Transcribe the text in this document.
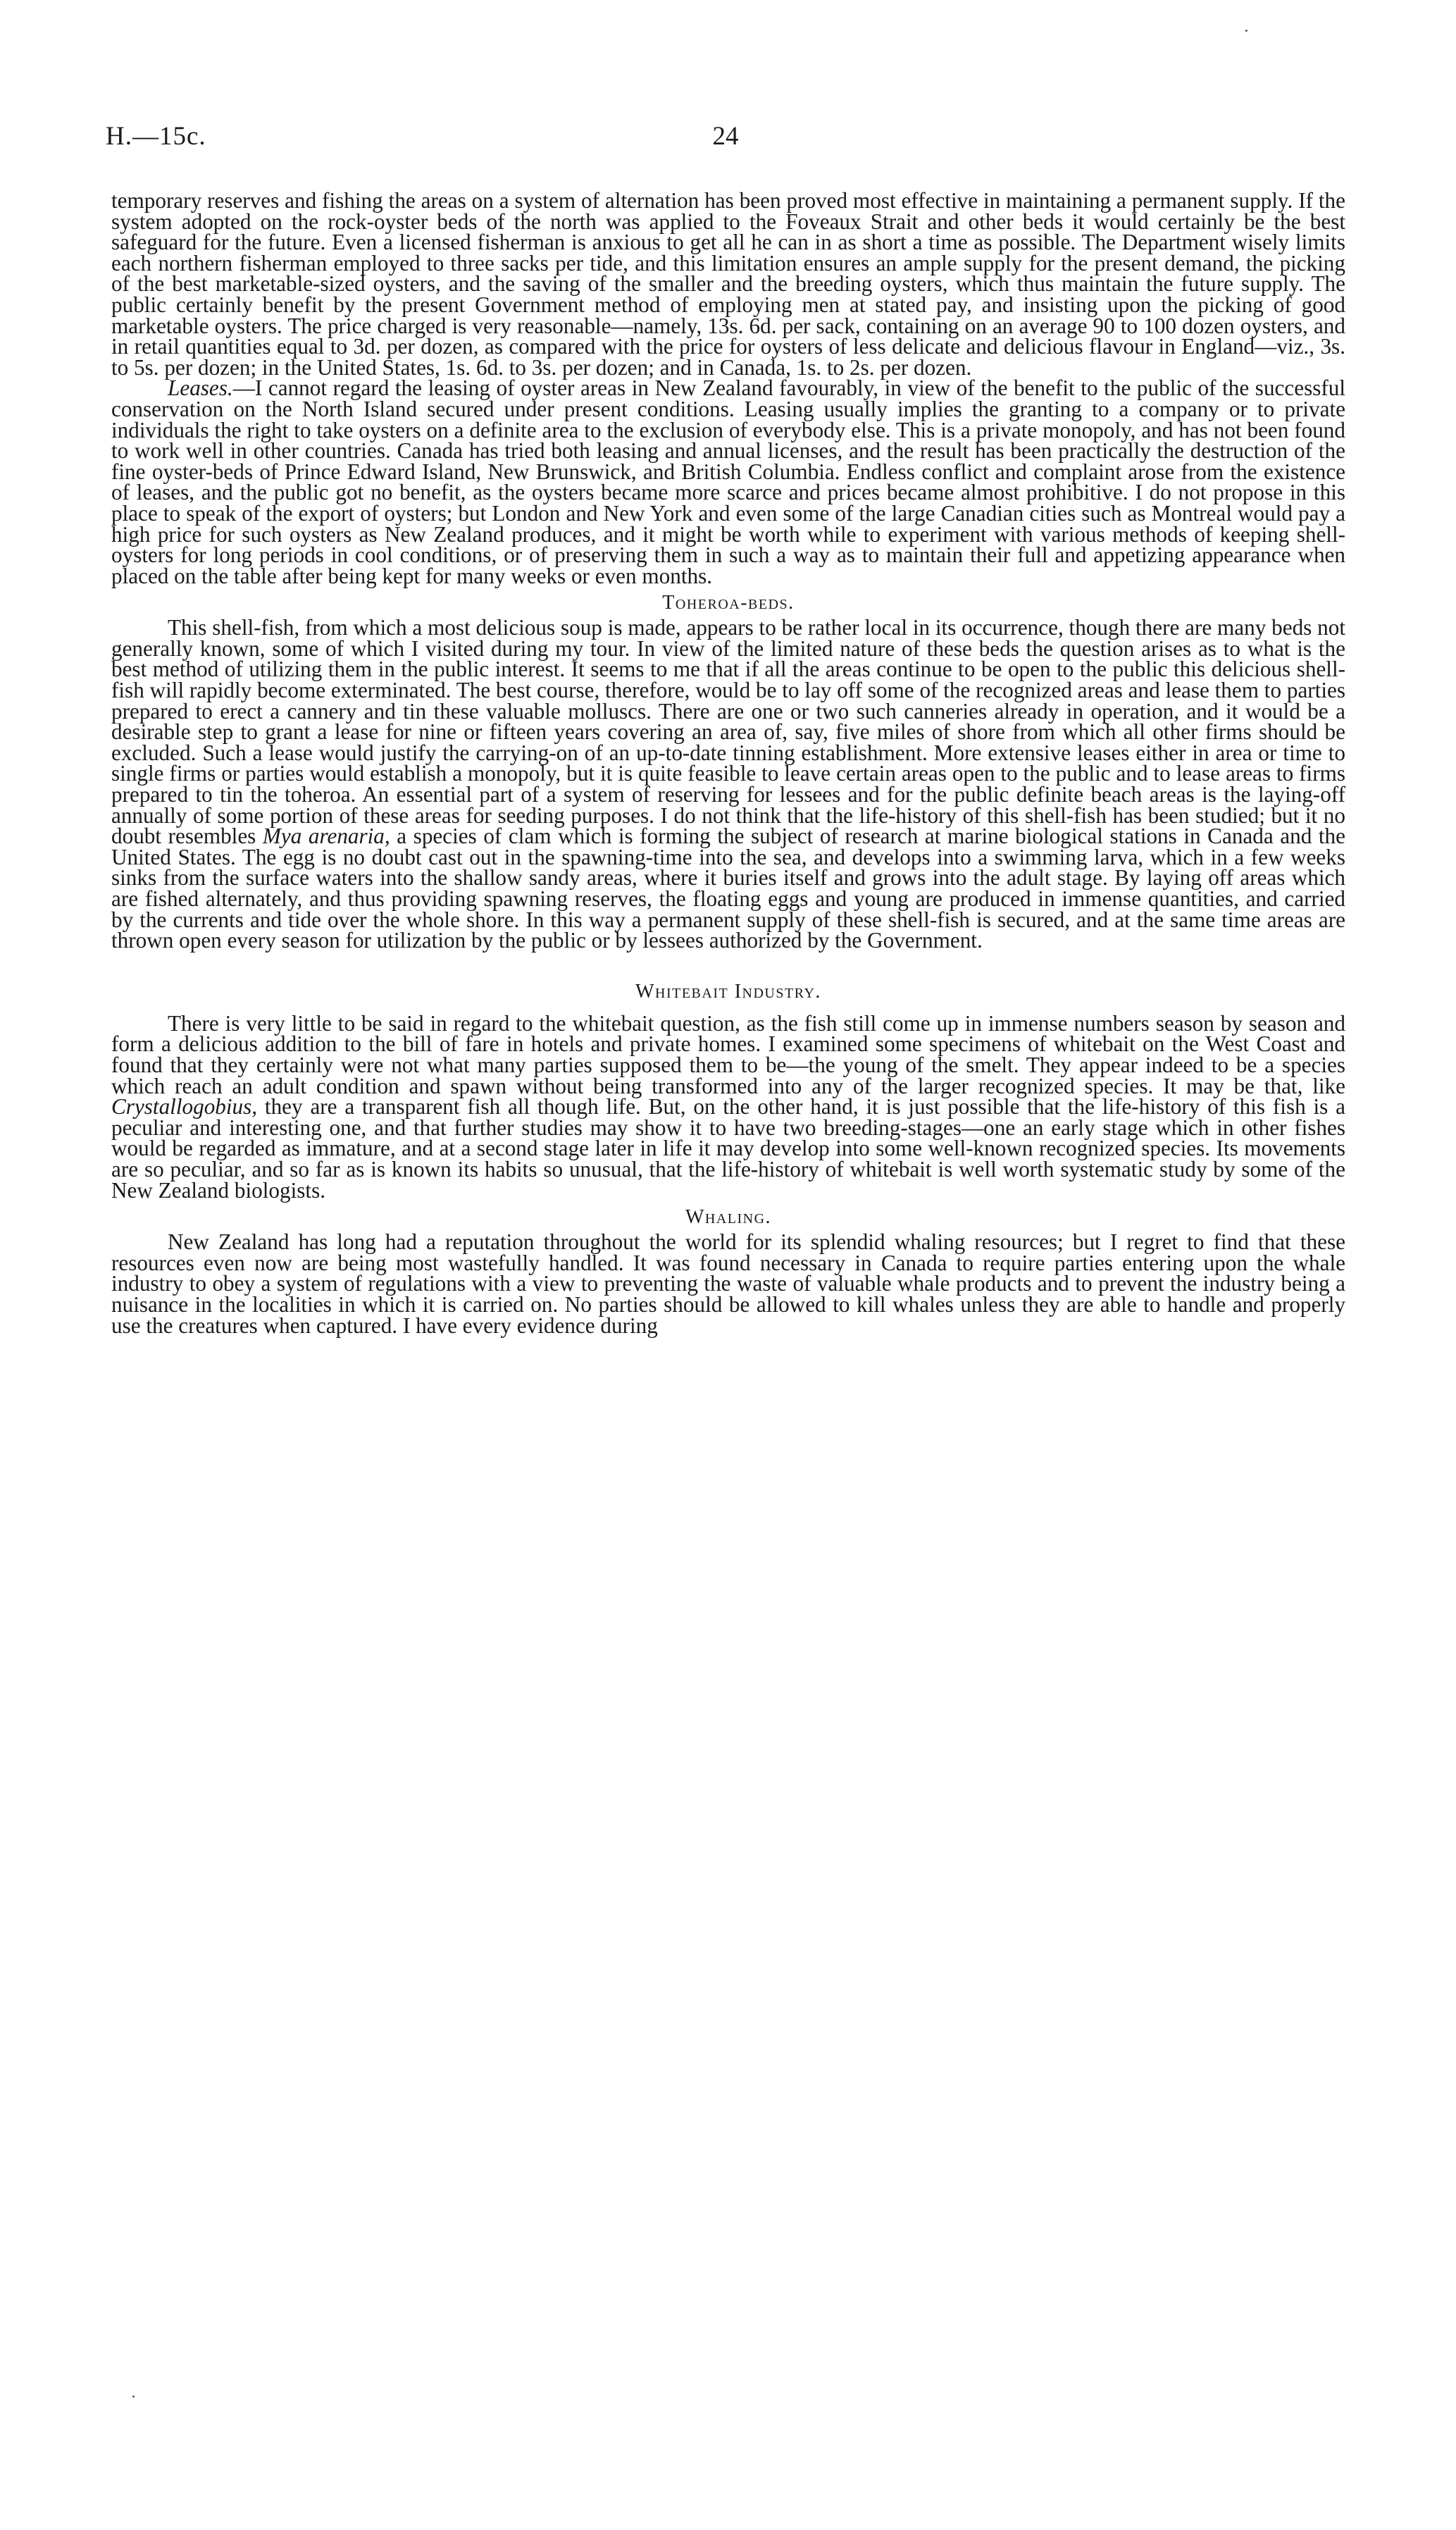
H.—15c.	24

temporary reserves and fishing the areas on a system of alternation has been proved most effective in maintaining a permanent supply. If the system adopted on the rock-oyster beds of the north was applied to the Foveaux Strait and other beds it would certainly be the best safeguard for the future. Even a licensed fisherman is anxious to get all he can in as short a time as possible. The Department wisely limits each northern fisherman employed to three sacks per tide, and this limitation ensures an ample supply for the present demand, the picking of the best marketable-sized oysters, and the saving of the smaller and the breeding oysters, which thus maintain the future supply. The public certainly benefit by the present Government method of employing men at stated pay, and insisting upon the picking of good marketable oysters. The price charged is very reasonable—namely, 13s. 6d. per sack, containing on an average 90 to 100 dozen oysters, and in retail quantities equal to 3d. per dozen, as compared with the price for oysters of less delicate and delicious flavour in England—viz., 3s. to 5s. per dozen; in the United States, 1s. 6d. to 3s. per dozen; and in Canada, 1s. to 2s. per dozen.

Leases.—I cannot regard the leasing of oyster areas in New Zealand favourably, in view of the benefit to the public of the successful conservation on the North Island secured under present conditions. Leasing usually implies the granting to a company or to private individuals the right to take oysters on a definite area to the exclusion of everybody else. This is a private monopoly, and has not been found to work well in other countries. Canada has tried both leasing and annual licenses, and the result has been practically the destruction of the fine oyster-beds of Prince Edward Island, New Brunswick, and British Columbia. Endless conflict and complaint arose from the existence of leases, and the public got no benefit, as the oysters became more scarce and prices became almost prohibitive. I do not propose in this place to speak of the export of oysters; but London and New York and even some of the large Canadian cities such as Montreal would pay a high price for such oysters as New Zealand produces, and it might be worth while to experiment with various methods of keeping shell-oysters for long periods in cool conditions, or of preserving them in such a way as to maintain their full and appetizing appearance when placed on the table after being kept for many weeks or even months.

Toheroa-beds.

This shell-fish, from which a most delicious soup is made, appears to be rather local in its occurrence, though there are many beds not generally known, some of which I visited during my tour. In view of the limited nature of these beds the question arises as to what is the best method of utilizing them in the public interest. It seems to me that if all the areas continue to be open to the public this delicious shell-fish will rapidly become exterminated. The best course, therefore, would be to lay off some of the recognized areas and lease them to parties prepared to erect a cannery and tin these valuable molluscs. There are one or two such canneries already in operation, and it would be a desirable step to grant a lease for nine or fifteen years covering an area of, say, five miles of shore from which all other firms should be excluded. Such a lease would justify the carrying-on of an up-to-date tinning establishment. More extensive leases either in area or time to single firms or parties would establish a monopoly, but it is quite feasible to leave certain areas open to the public and to lease areas to firms prepared to tin the toheroa. An essential part of a system of reserving for lessees and for the public definite beach areas is the laying-off annually of some portion of these areas for seeding purposes. I do not think that the life-history of this shell-fish has been studied; but it no doubt resembles Mya arenaria, a species of clam which is forming the subject of research at marine biological stations in Canada and the United States. The egg is no doubt cast out in the spawning-time into the sea, and develops into a swimming larva, which in a few weeks sinks from the surface waters into the shallow sandy areas, where it buries itself and grows into the adult stage. By laying off areas which are fished alternately, and thus providing spawning reserves, the floating eggs and young are produced in immense quantities, and carried by the currents and tide over the whole shore. In this way a permanent supply of these shell-fish is secured, and at the same time areas are thrown open every season for utilization by the public or by lessees authorized by the Government.

Whitebait Industry.

There is very little to be said in regard to the whitebait question, as the fish still come up in immense numbers season by season and form a delicious addition to the bill of fare in hotels and private homes. I examined some specimens of whitebait on the West Coast and found that they certainly were not what many parties supposed them to be—the young of the smelt. They appear indeed to be a species which reach an adult condition and spawn without being transformed into any of the larger recognized species. It may be that, like Crystallogobius, they are a transparent fish all though life. But, on the other hand, it is just possible that the life-history of this fish is a peculiar and interesting one, and that further studies may show it to have two breeding-stages—one an early stage which in other fishes would be regarded as immature, and at a second stage later in life it may develop into some well-known recognized species. Its movements are so peculiar, and so far as is known its habits so unusual, that the life-history of whitebait is well worth systematic study by some of the New Zealand biologists.

Whaling.

New Zealand has long had a reputation throughout the world for its splendid whaling resources; but I regret to find that these resources even now are being most wastefully handled. It was found necessary in Canada to require parties entering upon the whale industry to obey a system of regulations with a view to preventing the waste of valuable whale products and to prevent the industry being a nuisance in the localities in which it is carried on. No parties should be allowed to kill whales unless they are able to handle and properly use the creatures when captured. I have every evidence during
